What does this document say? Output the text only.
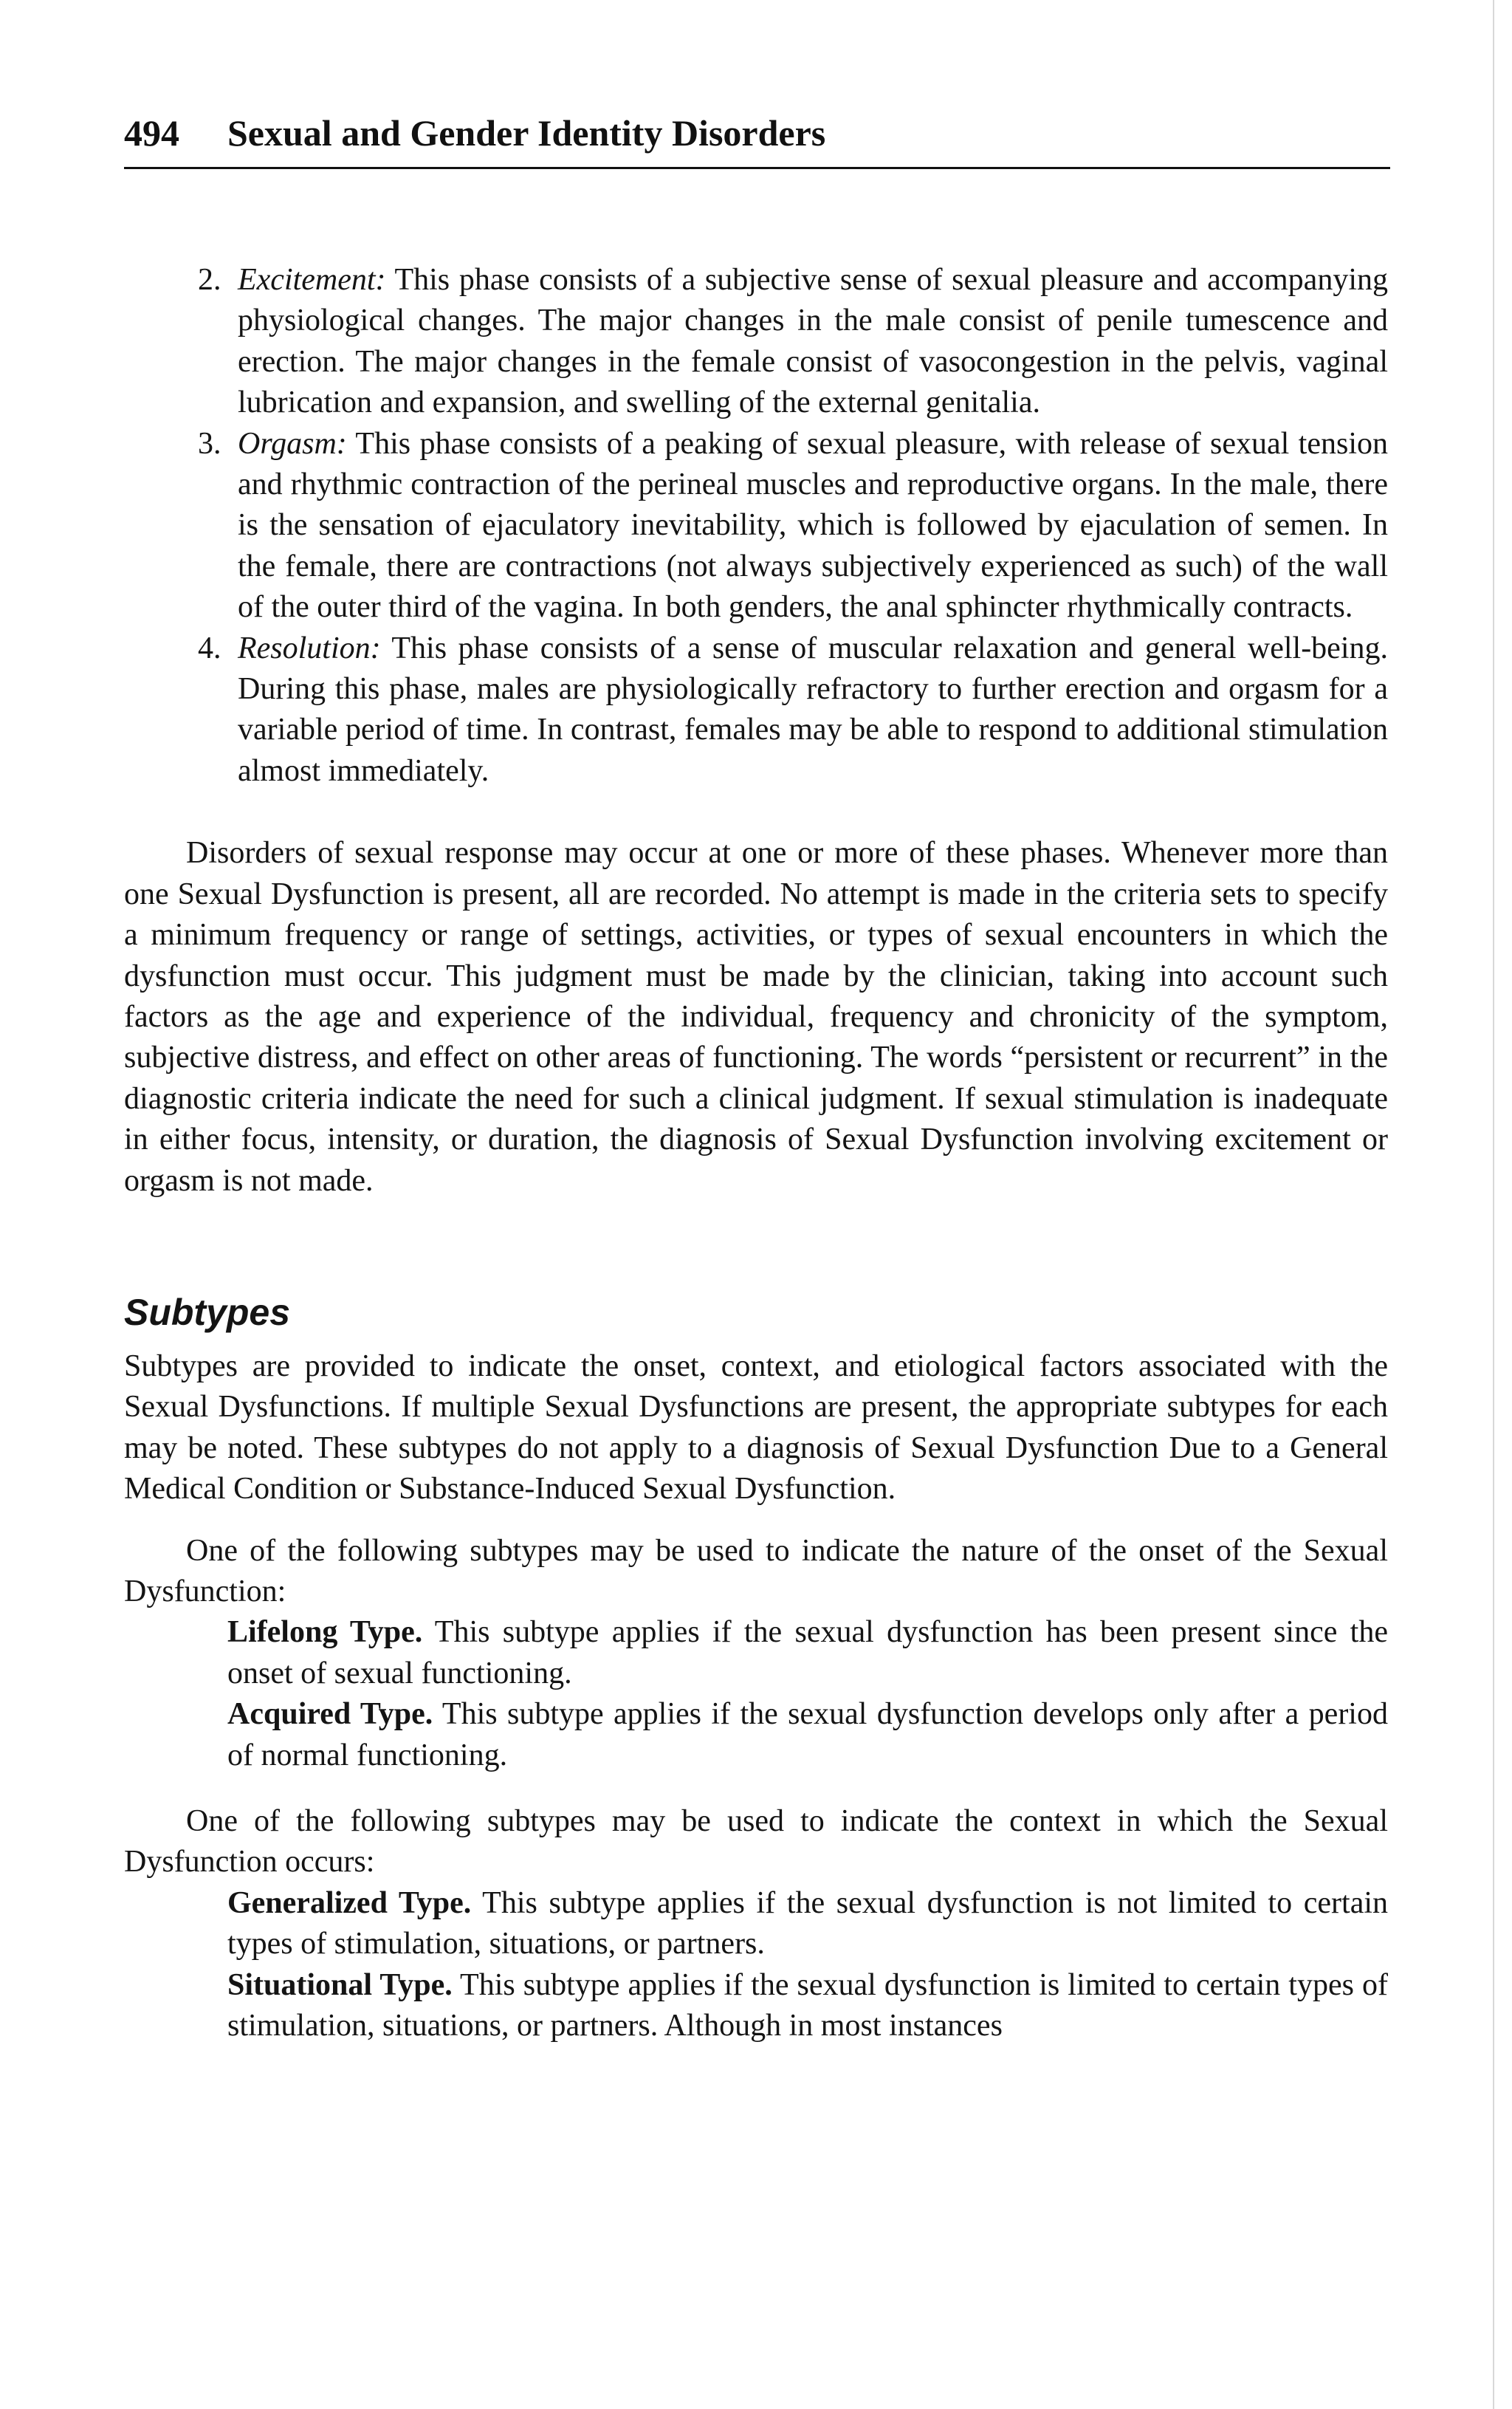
494 Sexual and Gender Identity Disorders
2. Excitement: This phase consists of a subjective sense of sexual pleasure and accompanying physiological changes. The major changes in the male consist of penile tumescence and erection. The major changes in the female consist of vasocongestion in the pelvis, vaginal lubrication and expansion, and swelling of the external genitalia.
3. Orgasm: This phase consists of a peaking of sexual pleasure, with release of sexual tension and rhythmic contraction of the perineal muscles and reproductive organs. In the male, there is the sensation of ejaculatory inevitability, which is followed by ejaculation of semen. In the female, there are contractions (not always subjectively experienced as such) of the wall of the outer third of the vagina. In both genders, the anal sphincter rhythmically contracts.
4. Resolution: This phase consists of a sense of muscular relaxation and general well-being. During this phase, males are physiologically refractory to further erection and orgasm for a variable period of time. In contrast, females may be able to respond to additional stimulation almost immediately.

Disorders of sexual response may occur at one or more of these phases. Whenever more than one Sexual Dysfunction is present, all are recorded. No attempt is made in the criteria sets to specify a minimum frequency or range of settings, activities, or types of sexual encounters in which the dysfunction must occur. This judgment must be made by the clinician, taking into account such factors as the age and experience of the individual, frequency and chronicity of the symptom, subjective distress, and effect on other areas of functioning. The words “persistent or recurrent” in the diagnostic criteria indicate the need for such a clinical judgment. If sexual stimulation is inadequate in either focus, intensity, or duration, the diagnosis of Sexual Dysfunction involving excitement or orgasm is not made.

Subtypes

Subtypes are provided to indicate the onset, context, and etiological factors associated with the Sexual Dysfunctions. If multiple Sexual Dysfunctions are present, the appropriate subtypes for each may be noted. These subtypes do not apply to a diagnosis of Sexual Dysfunction Due to a General Medical Condition or Substance-Induced Sexual Dysfunction.

One of the following subtypes may be used to indicate the nature of the onset of the Sexual Dysfunction:

Lifelong Type. This subtype applies if the sexual dysfunction has been present since the onset of sexual functioning.
Acquired Type. This subtype applies if the sexual dysfunction develops only after a period of normal functioning.

One of the following subtypes may be used to indicate the context in which the Sexual Dysfunction occurs:

Generalized Type. This subtype applies if the sexual dysfunction is not limited to certain types of stimulation, situations, or partners.
Situational Type. This subtype applies if the sexual dysfunction is limited to certain types of stimulation, situations, or partners. Although in most instances
